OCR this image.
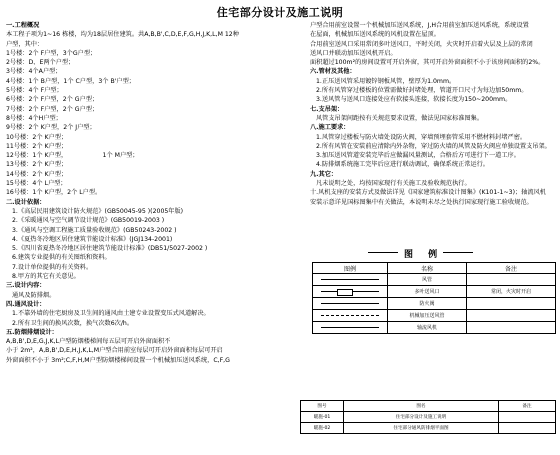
住宅部分设计及施工说明
一.工程概况
本工程子项为1~16 栋楼，均为18层居住建筑。共A,B,B',C,D,E,F,G,H,J,K,L,M 12种
户型，其中：
1号楼：2个 F户型，3个G户型；
2号楼：D、E两个户型；
3号楼：4个A户型；
4号楼：1个 B户型，1个 C户型，3个 B'户型；
5号楼：4个 F户型；
6号楼：2个 F户型，2个 G户型；
7号楼：2个 F户型，2个 G户型；
8号楼：4个H户型；
9号楼：2个 K户型，2个 J户型；
10号楼：2个 K户型；
11号楼：2个 K户型；
12号楼：1个 K户型，                  1个 M户型；
13号楼：2个 K户型；
14号楼：2个 K户型；
15号楼：4个 L户型；
16号楼：1个 K户型，2个 L户型。
二.设计依据：
1.《高层民用建筑设计防火规范》(GB50045-95 )(2005年版)
2.《采暖通风与空气调节设计规范》(GB50019-2003 )
3.《通风与空调工程施工质量验收规范》(GB50243-2002 )
4.《夏热冬冷地区居住建筑节能设计标准》(JGJ134-2001)
5.《四川省夏热冬冷地区居住建筑节能设计标准》(DB51/5027-2002 )
6.建筑专业提供的有关图纸和资料。
7.设计单位提供的有关资料。
8.甲方的其它有关意见。
三.设计内容：
通风及防排烟。
四.通风设计：
1.不靠外墙的住宅厨房及卫生间的通风由土建专业设置变压式风道解决。
2.所有卫生间的换风次数，换气次数6次/h。
五.防烟排烟设计：
A,B,B',D,E,G,J,K,L户型防烟楼梯间每五层可开启外窗面积不
小于 2m²，A,B,B',D,E,H,J,K,L,M户型合用前室每层可开启外窗面积每层可开启
外窗面积不小于 3m²;C,F,H,M户型防烟楼梯间设置一个机械加压送风系统，C,F,G
户型合用前室设置一个机械加压送风系统，J,H合用前室加压送风系统，系统设置
在屋面，机械加压送风系统的风机设置在屋顶。
合用前室送风口采用常闭多叶送风口，平时关闭，火灾时开启着火层及上层的常闭
送风口并联动加压送风机开启。
面积超过100m²的房间设置可开启外窗，其可开启外窗面积不小于该房间面积的2%。
六.管材及其他：
1.正压送风管采用镀锌钢板风管，壁厚为1.0mm。
2.所有风管穿过楼板的位置需做好封堵处理，管道开口尺寸为每边加50mm。
3.送风管与送风口连接处应有软接头连接，软接长度为150~200mm。
七.支吊架：
风管支吊架间距按有关规范要求设置，做法见国家标准图集。
八.施工要求：
1.风管穿过楼板与防火墙处设防火阀，穿墙预埋套管采用不燃材料封堵严密。
2.所有风管在安装前应清除内外杂物，穿过防火墙的风管及防火阀应单独设置支吊架。
3.加压送风管道安装完毕后应做漏风量测试，合格后方可进行下一道工序。
4.防排烟系统施工完毕后应进行联动调试，确保系统正常运行。
九.其它：
凡未说明之处，均按国家现行有关施工及验收规范执行。
十.风机支座的安装方式及做法详见《国家建筑标准设计图集》(K101-1~3)；轴流风机
安装示意详见国标图集中有关做法，本说明未尽之处执行国家现行施工验收规范。
图 例
图例	名称	备注

	风管	

	多叶送风口	常闭，火灾时开启

	防火阀	

	机械加压送风管	

	轴流风机	
图号	图名	备注
暖施-01	住宅部分设计及施工说明	
暖施-02	住宅部分通风防排烟平面图	
